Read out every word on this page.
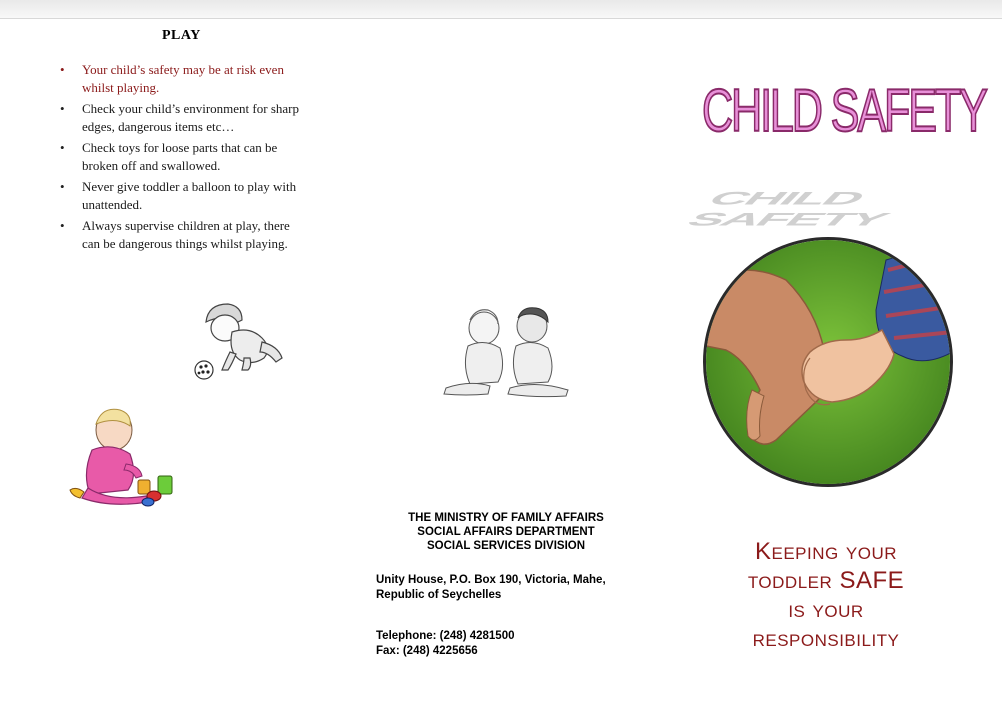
PLAY
• Your child’s safety may be at risk even whilst playing.
• Check your child’s environment for sharp edges, dangerous items etc…
• Check toys for loose parts that can be broken off and swallowed.
• Never give toddler a balloon to play with unattended.
• Always supervise children at play, there can be dangerous things whilst playing.
THE MINISTRY OF FAMILY AFFAIRS
SOCIAL AFFAIRS DEPARTMENT
SOCIAL SERVICES DIVISION
Unity House, P.O. Box 190, Victoria, Mahe,
Republic of Seychelles
Telephone: (248) 4281500
Fax: (248) 4225656
CHILD SAFETY
CHILD SAFETY
Keeping your
toddler SAFE
is your
responsibility
